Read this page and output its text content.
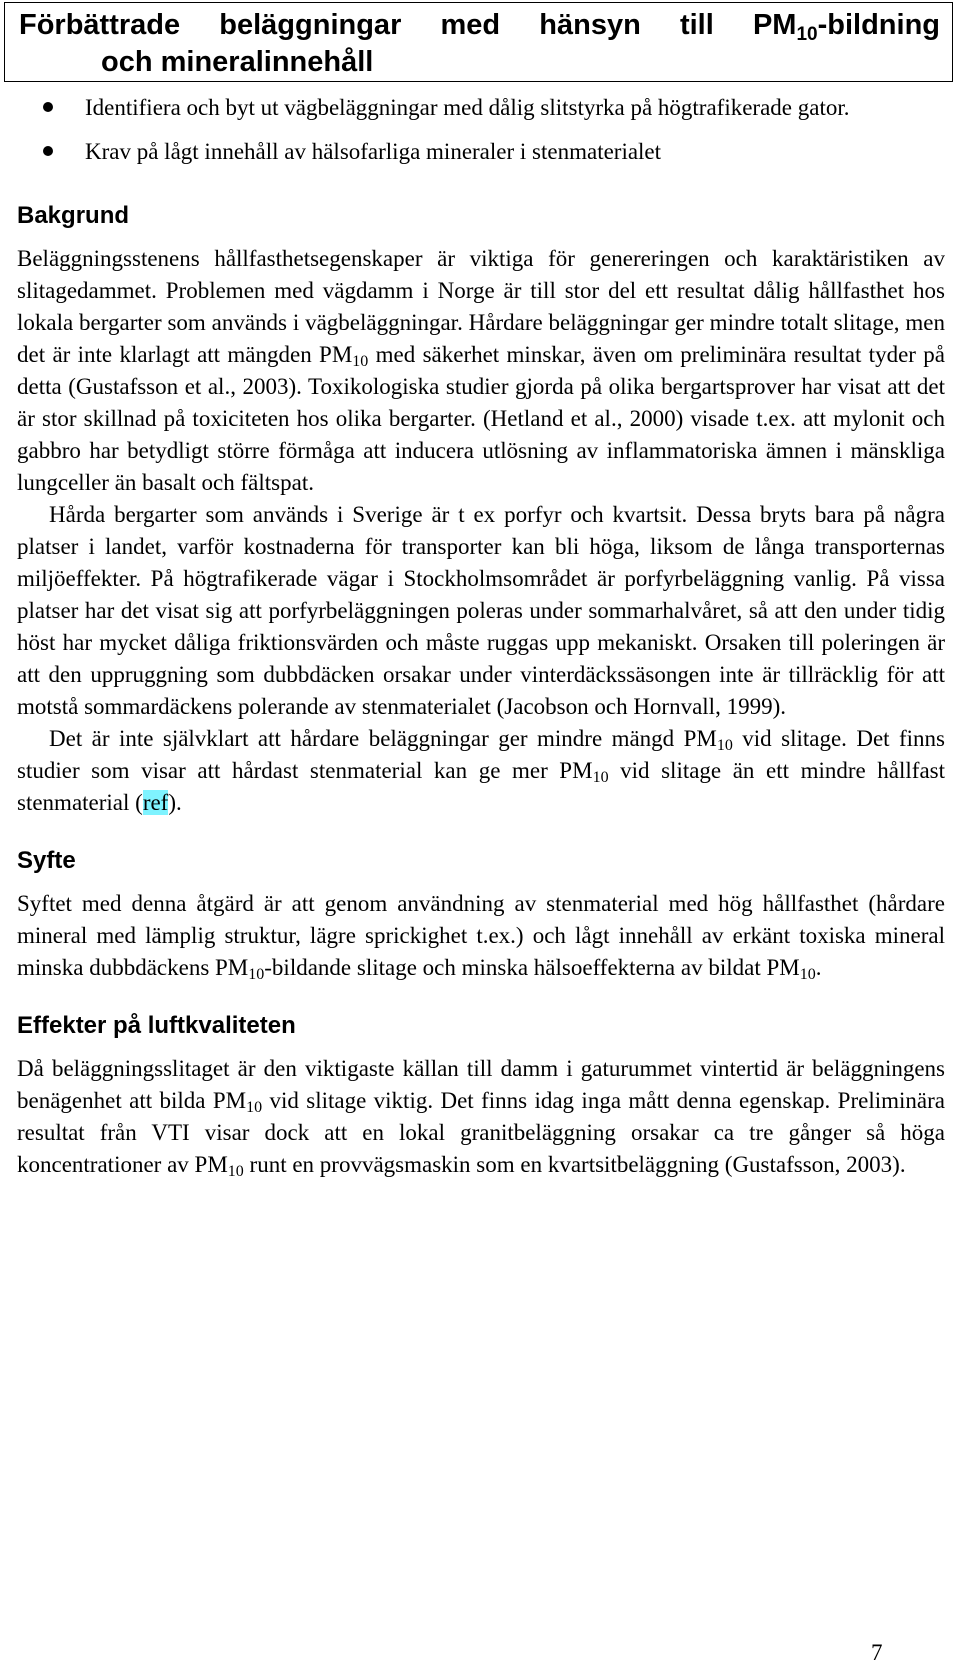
Förbättrade beläggningar med hänsyn till $PM_{10}$-bildning
och mineralinnehåll
Identifiera och byt ut vägbeläggningar med dålig slitstyrka på högtrafikerade gator.
Krav på lågt innehåll av hälsofarliga mineraler i stenmaterialet
Bakgrund

Beläggningsstenens hållfasthetsegenskaper är viktiga för genereringen och karaktäristiken av slitagedammet. Problemen med vägdamm i Norge är till stor del ett resultat dålig hållfasthet hos lokala bergarter som används i vägbeläggningar. Hårdare beläggningar ger mindre totalt slitage, men det är inte klarlagt att mängden $PM_{10}$ med säkerhet minskar, även om preliminära resultat tyder på detta (Gustafsson et al., 2003). Toxikologiska studier gjorda på olika bergartsprover har visat att det är stor skillnad på toxiciteten hos olika bergarter. (Hetland et al., 2000) visade t.ex. att mylonit och gabbro har betydligt större förmåga att inducera utlösning av inflammatoriska ämnen i mänskliga lungceller än basalt och fältspat.

Hårda bergarter som används i Sverige är t ex porfyr och kvartsit. Dessa bryts bara på några platser i landet, varför kostnaderna för transporter kan bli höga, liksom de långa transporternas miljöeffekter. På högtrafikerade vägar i Stockholmsområdet är porfyrbeläggning vanlig. På vissa platser har det visat sig att porfyrbeläggningen poleras under sommarhalvåret, så att den under tidig höst har mycket dåliga friktionsvärden och måste ruggas upp mekaniskt. Orsaken till poleringen är att den uppruggning som dubbdäcken orsakar under vinterdäckssäsongen inte är tillräcklig för att motstå sommardäckens polerande av stenmaterialet (Jacobson och Hornvall, 1999).

Det är inte självklart att hårdare beläggningar ger mindre mängd $PM_{10}$ vid slitage. Det finns studier som visar att hårdast stenmaterial kan ge mer $PM_{10}$ vid slitage än ett mindre hållfast stenmaterial (ref).

Syfte

Syftet med denna åtgärd är att genom användning av stenmaterial med hög hållfasthet (hårdare mineral med lämplig struktur, lägre sprickighet t.ex.) och lågt innehåll av erkänt toxiska mineral minska dubbdäckens $PM_{10}$-bildande slitage och minska hälsoeffekterna av bildat $PM_{10}$.

Effekter på luftkvaliteten

Då beläggningsslitaget är den viktigaste källan till damm i gaturummet vintertid är beläggningens benägenhet att bilda $PM_{10}$ vid slitage viktig. Det finns idag inga mått denna egenskap. Preliminära resultat från VTI visar dock att en lokal granitbeläggning orsakar ca tre gånger så höga koncentrationer av $PM_{10}$ runt en provvägsmaskin som en kvartsitbeläggning (Gustafsson, 2003).

7
